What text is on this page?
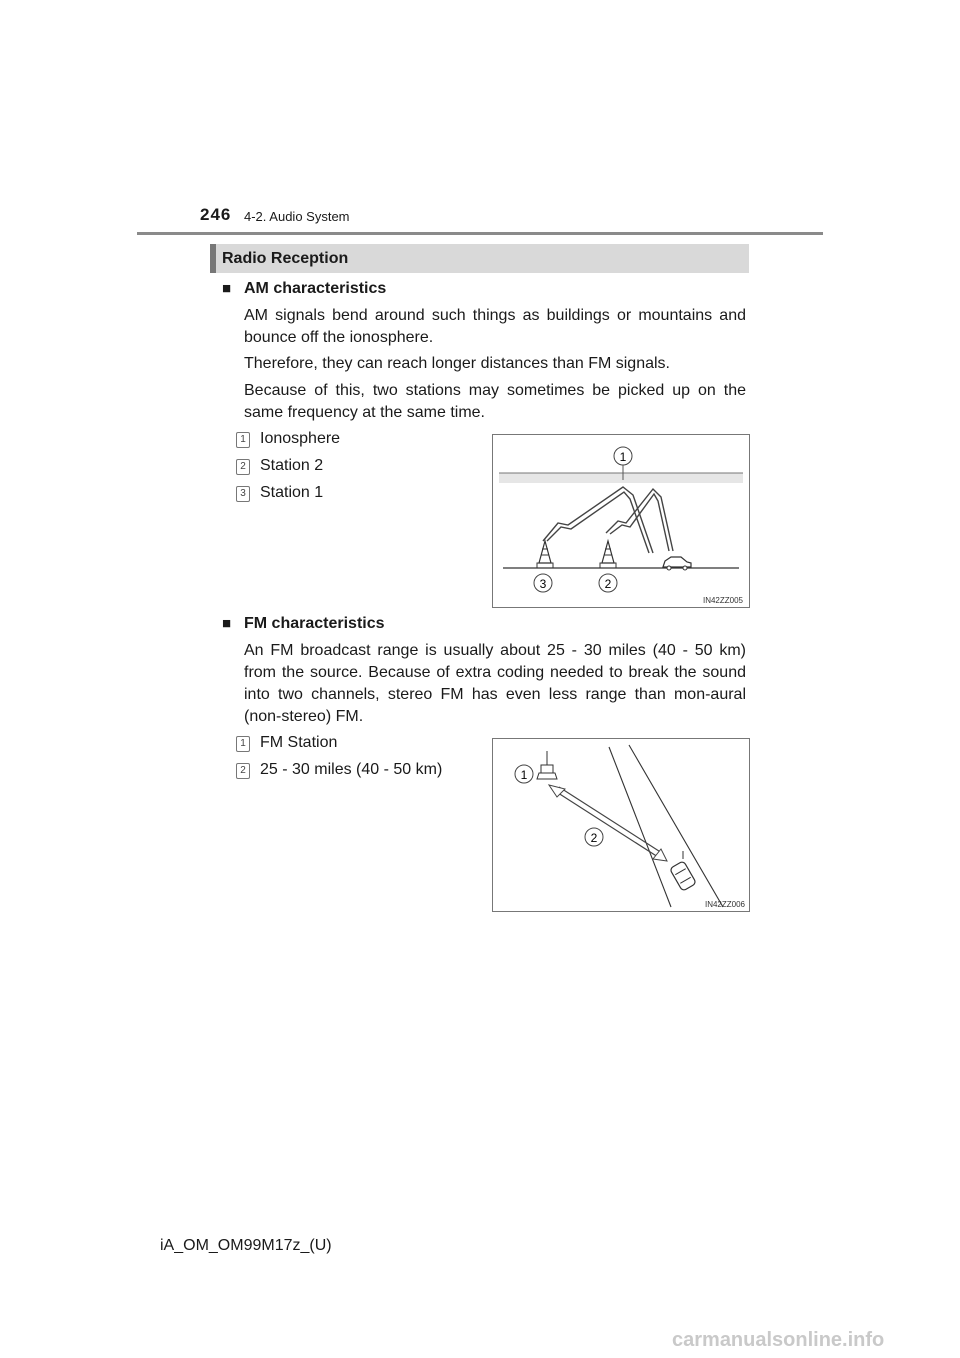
246 4-2. Audio System
Radio Reception
■ AM characteristics
AM signals bend around such things as buildings or mountains and bounce off the ionosphere.
Therefore, they can reach longer distances than FM signals.
Because of this, two stations may sometimes be picked up on the same frequency at the same time.
1 Ionosphere
2 Station 2
3 Station 1
1
3	2
IN42ZZ005
■ FM characteristics
An FM broadcast range is usually about 25 - 30 miles (40 - 50 km) from the source. Because of extra coding needed to break the sound into two channels, stereo FM has even less range than mon-aural (non-stereo) FM.
1 FM Station
2 25 - 30 miles (40 - 50 km)	1
2
IN42ZZ006
iA_OM_OM99M17z_(U)
carmanualsonline.info
